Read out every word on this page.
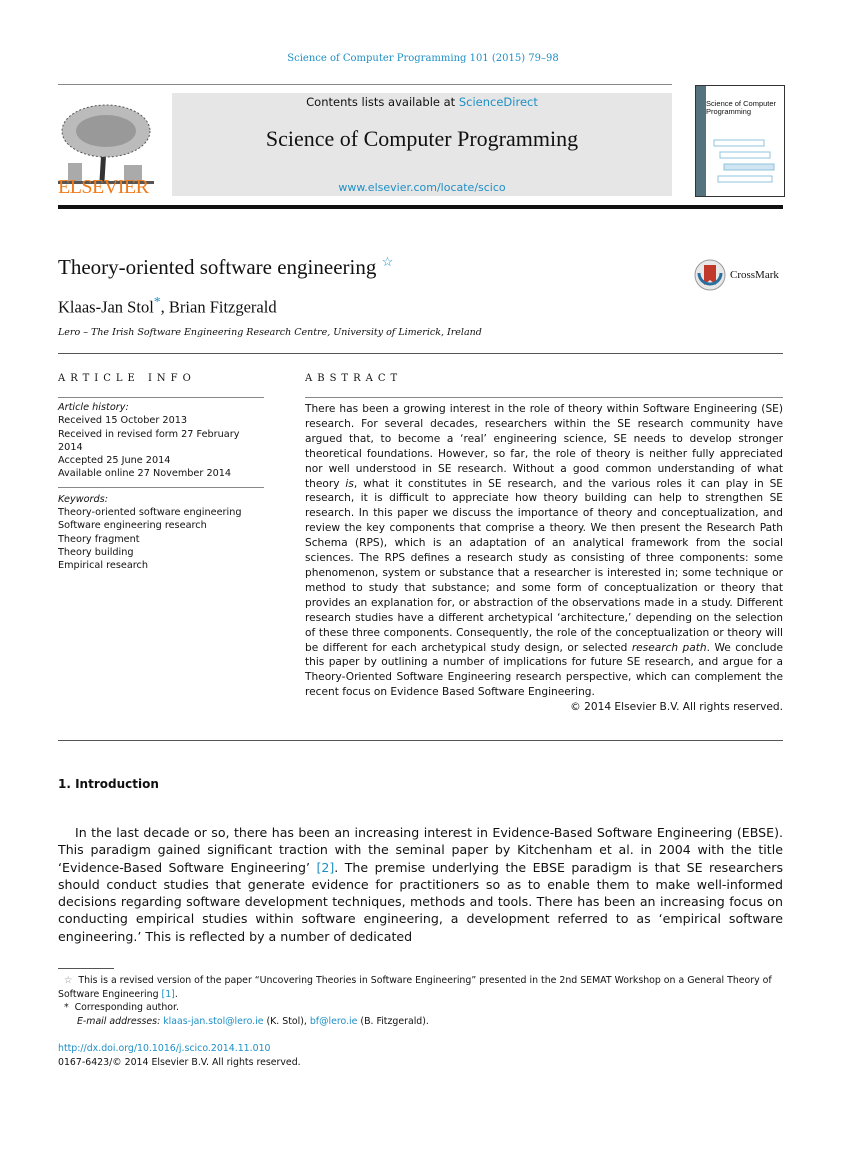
Science of Computer Programming 101 (2015) 79–98
ELSEVIER
Contents lists available at ScienceDirect
Science of Computer Programming
www.elsevier.com/locate/scico
Science of Computer Programming
Theory-oriented software engineering ☆
CrossMark
Klaas-Jan Stol*, Brian Fitzgerald
Lero – The Irish Software Engineering Research Centre, University of Limerick, Ireland
ARTICLE INFO	ABSTRACT
Article history:
Received 15 October 2013
Received in revised form 27 February 2014
Accepted 25 June 2014
Available online 27 November 2014
Keywords:
Theory-oriented software engineering
Software engineering research
Theory fragment
Theory building
Empirical research
There has been a growing interest in the role of theory within Software Engineering (SE) research. For several decades, researchers within the SE research community have argued that, to become a ‘real’ engineering science, SE needs to develop stronger theoretical foundations. However, so far, the role of theory is neither fully appreciated nor well understood in SE research. Without a good common understanding of what theory is, what it constitutes in SE research, and the various roles it can play in SE research, it is difficult to appreciate how theory building can help to strengthen SE research. In this paper we discuss the importance of theory and conceptualization, and review the key components that comprise a theory. We then present the Research Path Schema (RPS), which is an adaptation of an analytical framework from the social sciences. The RPS defines a research study as consisting of three components: some phenomenon, system or substance that a researcher is interested in; some technique or method to study that substance; and some form of conceptualization or theory that provides an explanation for, or abstraction of the observations made in a study. Different research studies have a different archetypical ‘architecture,’ depending on the selection of these three components. Consequently, the role of the conceptualization or theory will be different for each archetypical study design, or selected research path. We conclude this paper by outlining a number of implications for future SE research, and argue for a Theory-Oriented Software Engineering research perspective, which can complement the recent focus on Evidence Based Software Engineering.
© 2014 Elsevier B.V. All rights reserved.
1. Introduction
In the last decade or so, there has been an increasing interest in Evidence-Based Software Engineering (EBSE). This paradigm gained significant traction with the seminal paper by Kitchenham et al. in 2004 with the title ‘Evidence-Based Software Engineering’ [2]. The premise underlying the EBSE paradigm is that SE researchers should conduct studies that generate evidence for practitioners so as to enable them to make well-informed decisions regarding software development techniques, methods and tools. There has been an increasing focus on conducting empirical studies within software engineering, a development referred to as ‘empirical software engineering.’ This is reflected by a number of dedicated
☆ This is a revised version of the paper “Uncovering Theories in Software Engineering” presented in the 2nd SEMAT Workshop on a General Theory of Software Engineering [1].
* Corresponding author.
E-mail addresses: klaas-jan.stol@lero.ie (K. Stol), bf@lero.ie (B. Fitzgerald).
http://dx.doi.org/10.1016/j.scico.2014.11.010
0167-6423/© 2014 Elsevier B.V. All rights reserved.
